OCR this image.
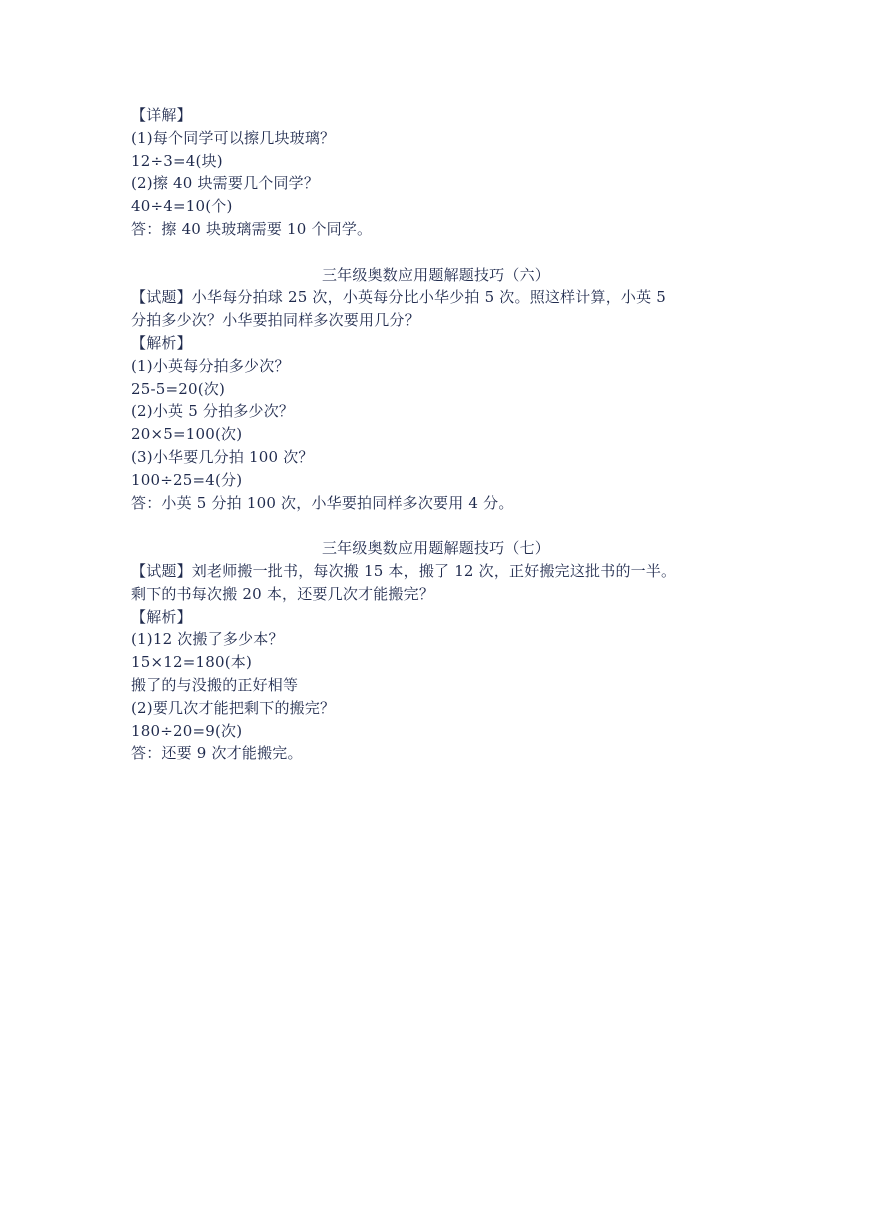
【详解】
(1)每个同学可以擦几块玻璃？
12÷3=4(块)
(2)擦 40 块需要几个同学？
40÷4=10(个)
答：擦 40 块玻璃需要 10 个同学。
三年级奥数应用题解题技巧（六）
【试题】小华每分拍球 25 次，小英每分比小华少拍 5 次。照这样计算，小英 5
分拍多少次？小华要拍同样多次要用几分？
【解析】
(1)小英每分拍多少次？
25-5=20(次)
(2)小英 5 分拍多少次？
20×5=100(次)
(3)小华要几分拍 100 次？
100÷25=4(分)
答：小英 5 分拍 100 次，小华要拍同样多次要用 4 分。
三年级奥数应用题解题技巧（七）
【试题】刘老师搬一批书，每次搬 15 本，搬了 12 次，正好搬完这批书的一半。
剩下的书每次搬 20 本，还要几次才能搬完？
【解析】
(1)12 次搬了多少本？
15×12=180(本)
搬了的与没搬的正好相等
(2)要几次才能把剩下的搬完？
180÷20=9(次)
答：还要 9 次才能搬完。
